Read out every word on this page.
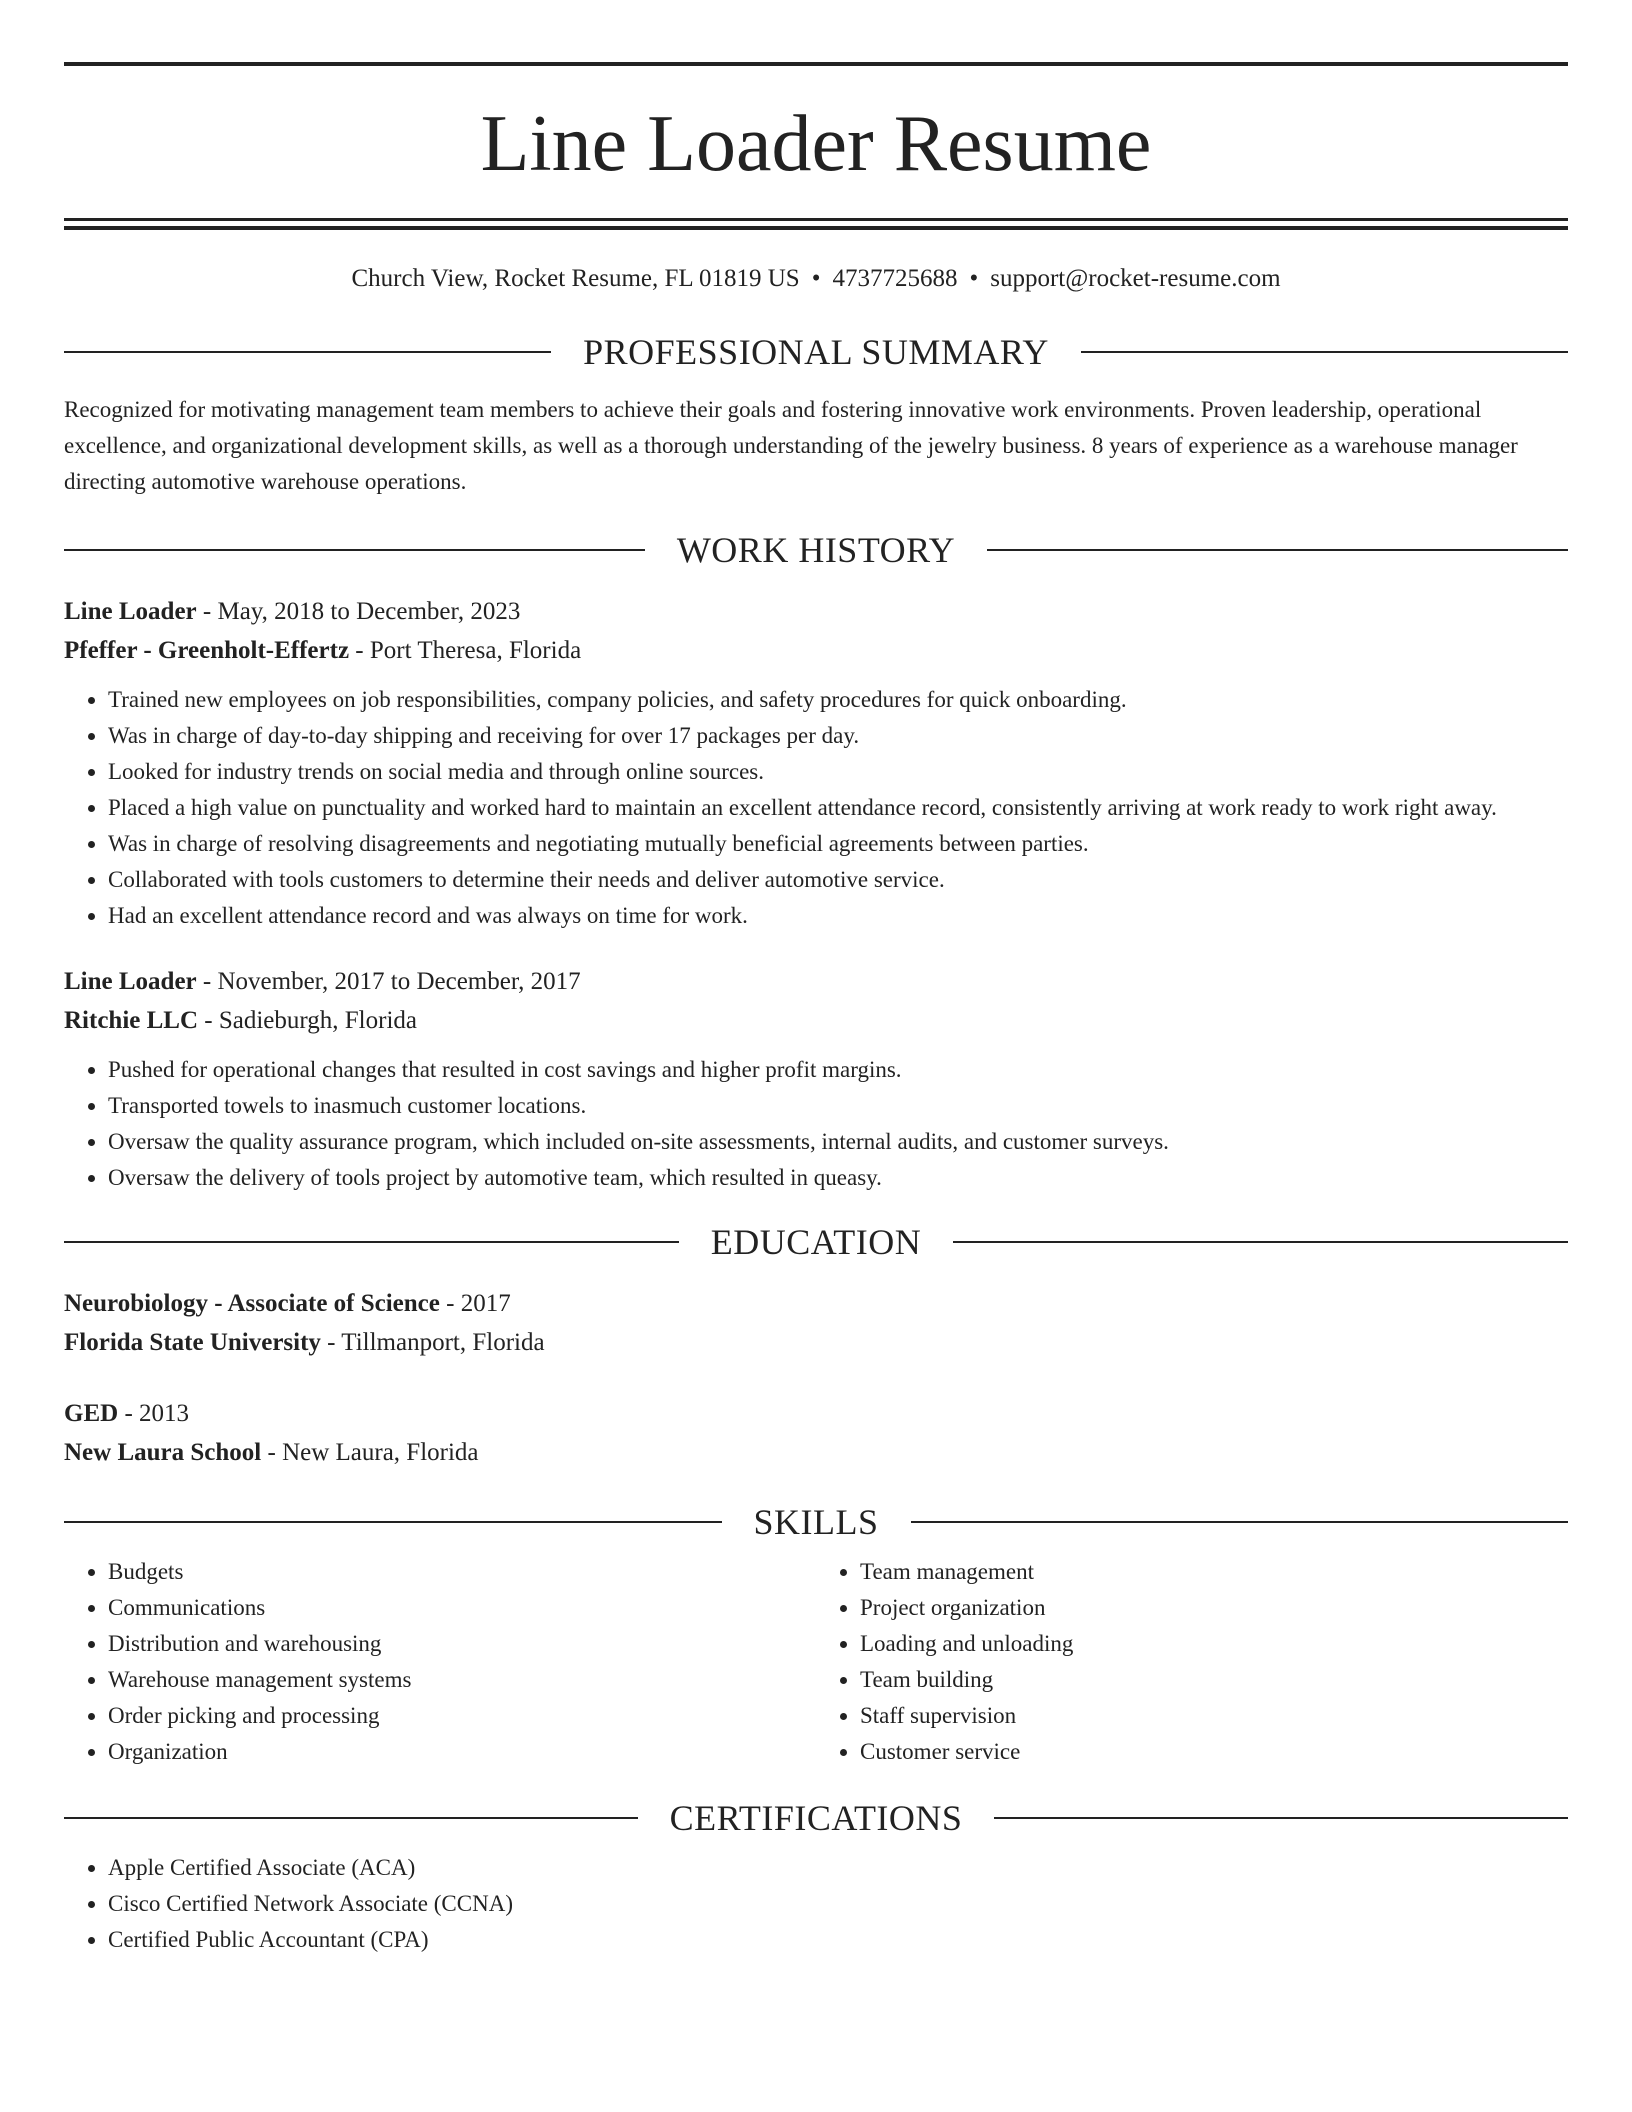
Line Loader Resume
Church View, Rocket Resume, FL 01819 US • 4737725688 • support@rocket-resume.com
PROFESSIONAL SUMMARY

Recognized for motivating management team members to achieve their goals and fostering innovative work environments. Proven leadership, operational excellence, and organizational development skills, as well as a thorough understanding of the jewelry business. 8 years of experience as a warehouse manager directing automotive warehouse operations.

WORK HISTORY
Line Loader - May, 2018 to December, 2023
Pfeffer - Greenholt-Effertz - Port Theresa, Florida
• Trained new employees on job responsibilities, company policies, and safety procedures for quick onboarding.
• Was in charge of day-to-day shipping and receiving for over 17 packages per day.
• Looked for industry trends on social media and through online sources.
• Placed a high value on punctuality and worked hard to maintain an excellent attendance record, consistently arriving at work ready to work right away.
• Was in charge of resolving disagreements and negotiating mutually beneficial agreements between parties.
• Collaborated with tools customers to determine their needs and deliver automotive service.
• Had an excellent attendance record and was always on time for work.
Line Loader - November, 2017 to December, 2017
Ritchie LLC - Sadieburgh, Florida
• Pushed for operational changes that resulted in cost savings and higher profit margins.
• Transported towels to inasmuch customer locations.
• Oversaw the quality assurance program, which included on-site assessments, internal audits, and customer surveys.
• Oversaw the delivery of tools project by automotive team, which resulted in queasy.
EDUCATION
Neurobiology - Associate of Science - 2017
Florida State University - Tillmanport, Florida
GED - 2013
New Laura School - New Laura, Florida
SKILLS
• Budgets
• Communications
• Distribution and warehousing
• Warehouse management systems
• Order picking and processing
• Organization
• Team management
• Project organization
• Loading and unloading
• Team building
• Staff supervision
• Customer service
CERTIFICATIONS
• Apple Certified Associate (ACA)
• Cisco Certified Network Associate (CCNA)
• Certified Public Accountant (CPA)
